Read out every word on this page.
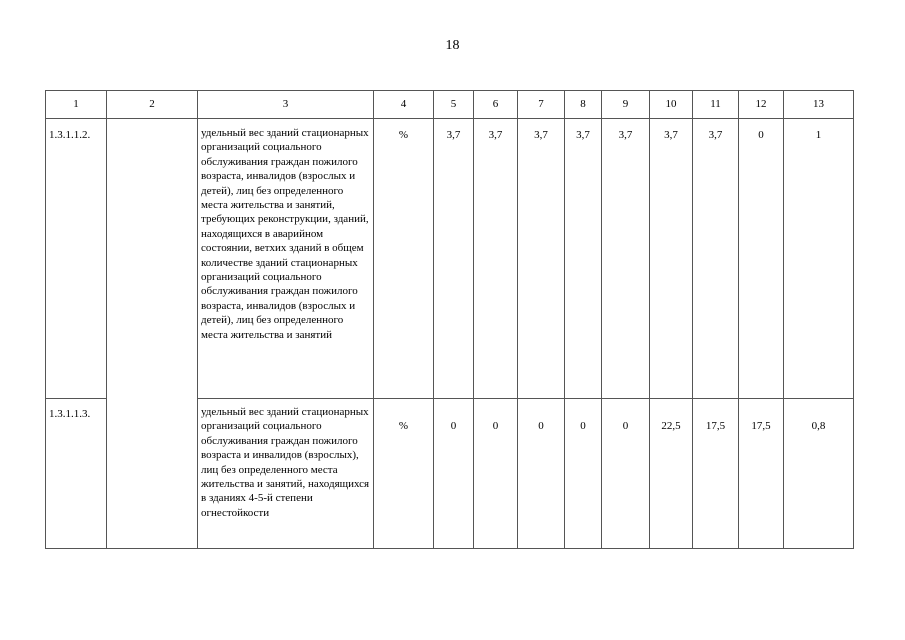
18
1	2	3	4	5	6	7	8	9	10	11	12	13
1.3.1.1.2.		удельный вес зданий стационарных организаций социального обслуживания граждан пожилого возраста, инвалидов (взрослых и детей), лиц без определенного места жительства и занятий, требующих реконструкции, зданий, находящихся в аварийном состоянии, ветхих зданий в общем количестве зданий стационарных организаций социального обслуживания граждан пожилого возраста, инвалидов (взрослых и детей), лиц без определенного места жительства и занятий	%	3,7	3,7	3,7	3,7	3,7	3,7	3,7	0	1
1.3.1.1.3.		удельный вес зданий стационарных организаций социального обслуживания граждан пожилого возраста и инвалидов (взрослых), лиц без определенного места жительства и занятий, находящихся в зданиях 4-5-й степени огнестойкости	%	0	0	0	0	0	22,5	17,5	17,5	0,8
